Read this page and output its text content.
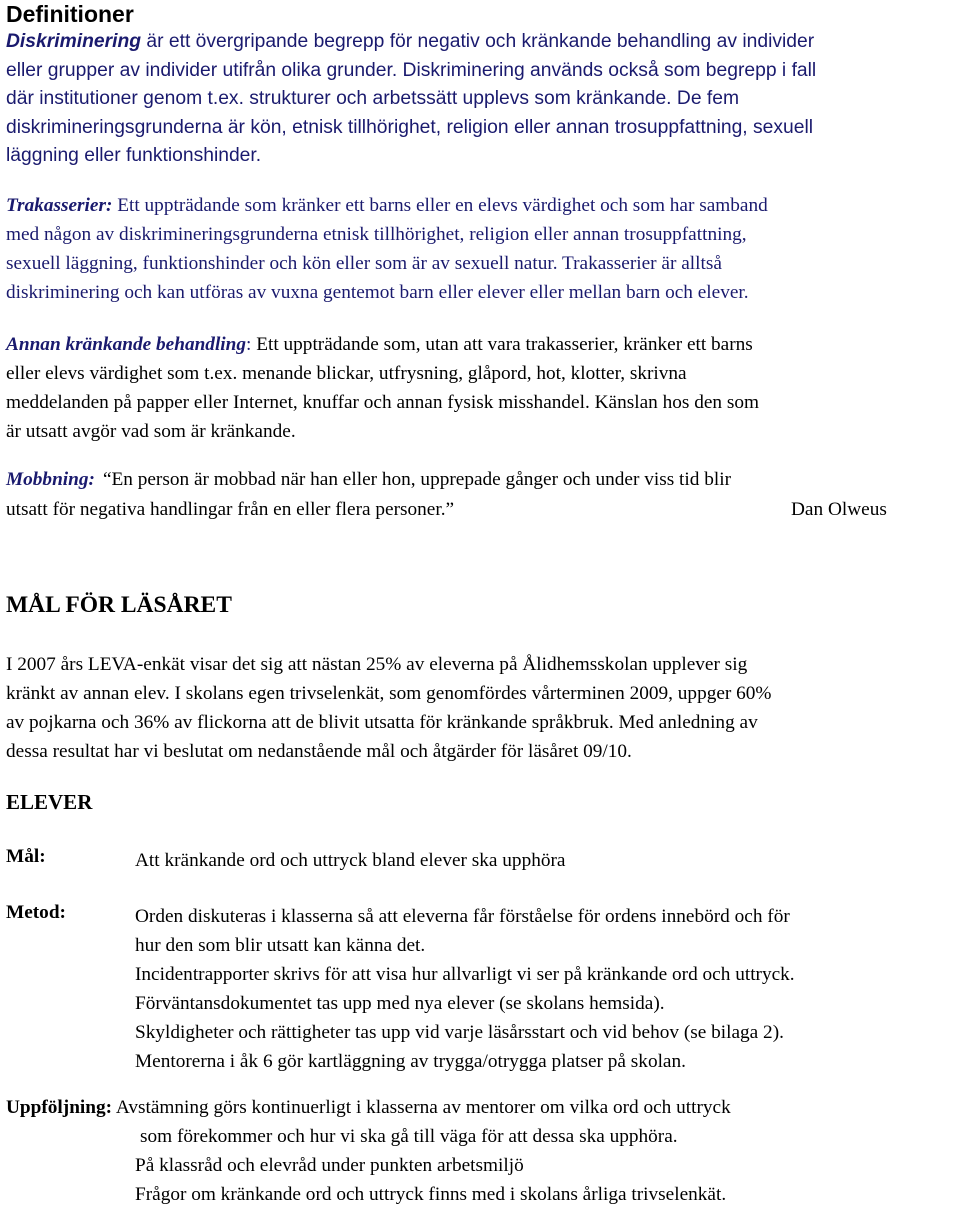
Definitioner
Diskriminering är ett övergripande begrepp för negativ och kränkande behandling av individer
eller grupper av individer utifrån olika grunder. Diskriminering används också som begrepp i fall
där institutioner genom t.ex. strukturer och arbetssätt upplevs som kränkande. De fem
diskrimineringsgrunderna är kön, etnisk tillhörighet, religion eller annan trosuppfattning, sexuell
läggning eller funktionshinder.
Trakasserier: Ett uppträdande som kränker ett barns eller en elevs värdighet och som har samband
med någon av diskrimineringsgrunderna etnisk tillhörighet, religion eller annan trosuppfattning,
sexuell läggning, funktionshinder och kön eller som är av sexuell natur. Trakasserier är alltså
diskriminering och kan utföras av vuxna gentemot barn eller elever eller mellan barn och elever.
Annan kränkande behandling: Ett uppträdande som, utan att vara trakasserier, kränker ett barns
eller elevs värdighet som t.ex. menande blickar, utfrysning, glåpord, hot, klotter, skrivna
meddelanden på papper eller Internet, knuffar och annan fysisk misshandel. Känslan hos den som
är utsatt avgör vad som är kränkande.
Mobbning: “En person är mobbad när han eller hon, upprepade gånger och under viss tid blir
utsatt för negativa handlingar från en eller flera personer.”	Dan Olweus
MÅL FÖR LÄSÅRET
I 2007 års LEVA-enkät visar det sig att nästan 25% av eleverna på Ålidhemsskolan upplever sig
kränkt av annan elev. I skolans egen trivselenkät, som genomfördes vårterminen 2009, uppger 60%
av pojkarna och 36% av flickorna att de blivit utsatta för kränkande språkbruk. Med anledning av
dessa resultat har vi beslutat om nedanstående mål och åtgärder för läsåret 09/10.
ELEVER
Mål:	Att kränkande ord och uttryck bland elever ska upphöra
Metod:	Orden diskuteras i klasserna så att eleverna får förståelse för ordens innebörd och för
hur den som blir utsatt kan känna det.
Incidentrapporter skrivs för att visa hur allvarligt vi ser på kränkande ord och uttryck.
Förväntansdokumentet tas upp med nya elever (se skolans hemsida).
Skyldigheter och rättigheter tas upp vid varje läsårsstart och vid behov (se bilaga 2).
Mentorerna i åk 6 gör kartläggning av trygga/otrygga platser på skolan.
Uppföljning: Avstämning görs kontinuerligt i klasserna av mentorer om vilka ord och uttryck
som förekommer och hur vi ska gå till väga för att dessa ska upphöra.
På klassråd och elevråd under punkten arbetsmiljö
Frågor om kränkande ord och uttryck finns med i skolans årliga trivselenkät.
